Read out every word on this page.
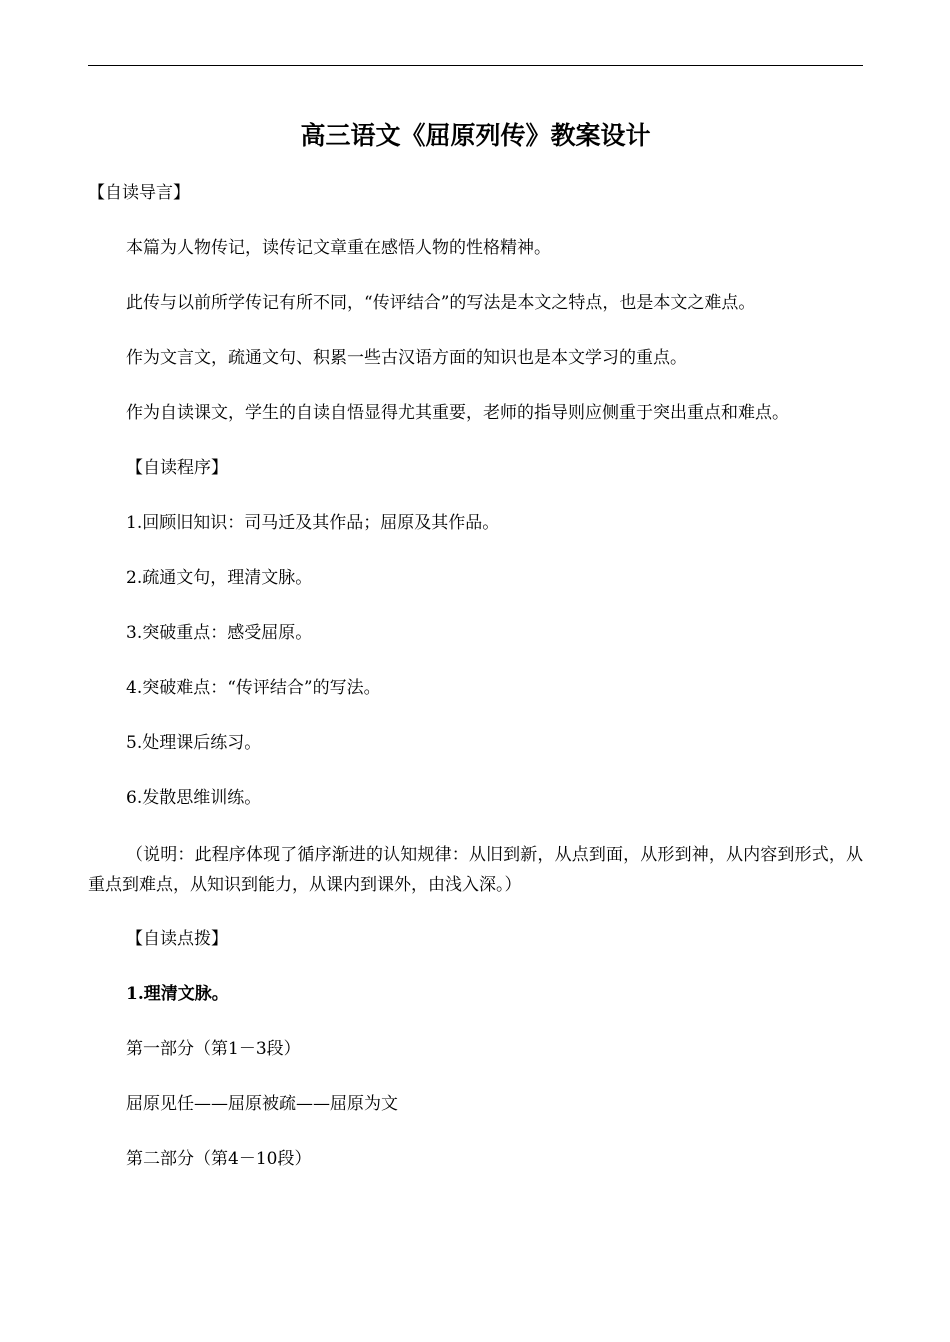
高三语文《屈原列传》教案设计
【自读导言】
本篇为人物传记，读传记文章重在感悟人物的性格精神。
此传与以前所学传记有所不同，“传评结合”的写法是本文之特点，也是本文之难点。
作为文言文，疏通文句、积累一些古汉语方面的知识也是本文学习的重点。
作为自读课文，学生的自读自悟显得尤其重要，老师的指导则应侧重于突出重点和难点。
【自读程序】
1.回顾旧知识：司马迁及其作品；屈原及其作品。
2.疏通文句，理清文脉。
3.突破重点：感受屈原。
4.突破难点：“传评结合”的写法。
5.处理课后练习。
6.发散思维训练。
（说明：此程序体现了循序渐进的认知规律：从旧到新，从点到面，从形到神，从内容到形式，从重点到难点，从知识到能力，从课内到课外，由浅入深。）
【自读点拨】
1.理清文脉。
第一部分（第1－3段）
屈原见任——屈原被疏——屈原为文
第二部分（第4－10段）
